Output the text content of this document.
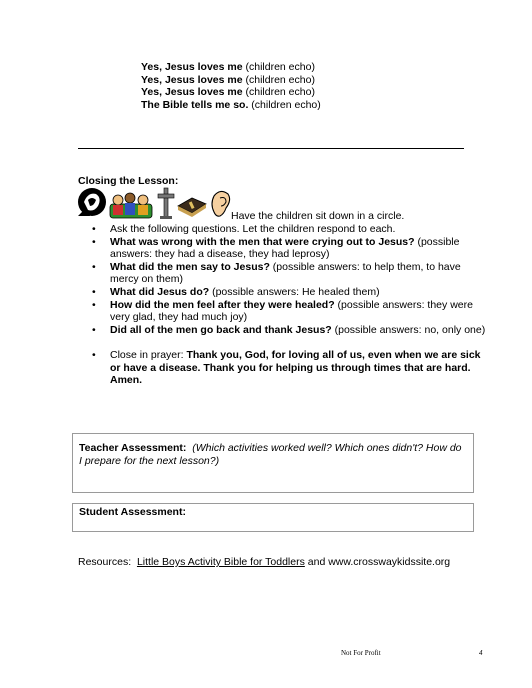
Yes, Jesus loves me (children echo)
Yes, Jesus loves me (children echo)
Yes, Jesus loves me (children echo)
The Bible tells me so. (children echo)
Closing the Lesson:
Have the children sit down in a circle.
• Ask the following questions. Let the children respond to each.
• What was wrong with the men that were crying out to Jesus? (possible answers: they had a disease, they had leprosy)
• What did the men say to Jesus? (possible answers: to help them, to have mercy on them)
• What did Jesus do? (possible answers: He healed them)
• How did the men feel after they were healed? (possible answers: they were very glad, they had much joy)
• Did all of the men go back and thank Jesus? (possible answers: no, only one)
• Close in prayer: Thank you, God, for loving all of us, even when we are sick or have a disease. Thank you for helping us through times that are hard. Amen.
Teacher Assessment: (Which activities worked well? Which ones didn't? How do I prepare for the next lesson?)
Student Assessment:
Resources: Little Boys Activity Bible for Toddlers and www.crosswaykidssite.org
Not For Profit	4
